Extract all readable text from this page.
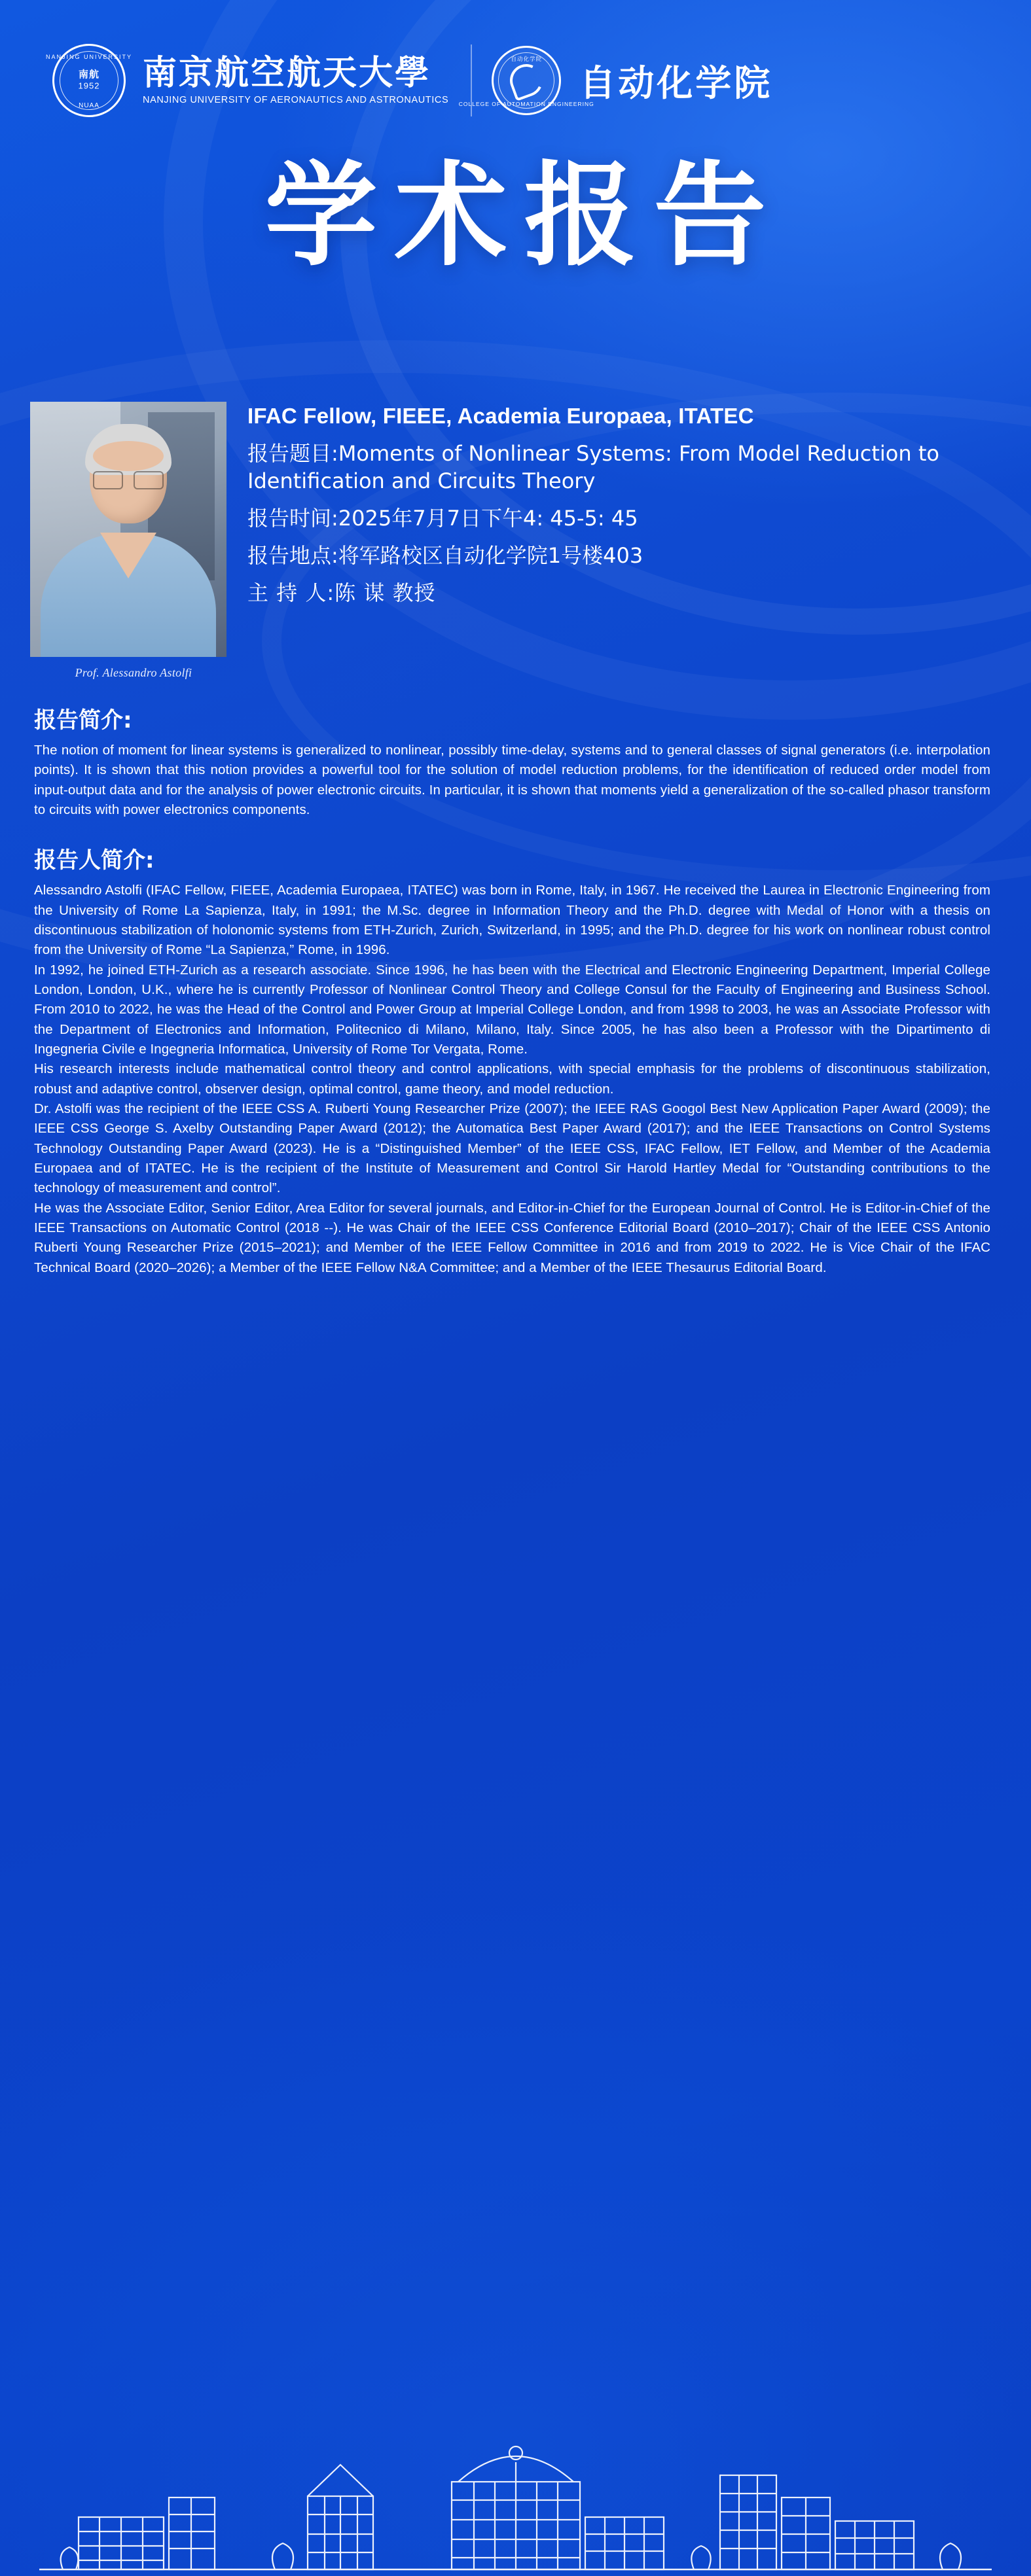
NANJING UNIVERSITY
南航
1952
NUAA
南京航空航天大學
NANJING UNIVERSITY OF AERONAUTICS AND ASTRONAUTICS
自动化学院
COLLEGE OF AUTOMATION ENGINEERING
自动化学院
学术报告
Prof. Alessandro Astolfi
IFAC Fellow, FIEEE, Academia Europaea, ITATEC
报告题目:Moments of Nonlinear Systems: From Model Reduction to Identification and Circuits Theory
报告时间:2025年7月7日下午4: 45-5: 45
报告地点:将军路校区自动化学院1号楼403
主 持 人:陈 谋 教授
报告简介:

The notion of moment for linear systems is generalized to nonlinear, possibly time-delay, systems and to general classes of signal generators (i.e. interpolation points). It is shown that this notion provides a powerful tool for the solution of model reduction problems, for the identification of reduced order model from input-output data and for the analysis of power electronic circuits. In particular, it is shown that moments yield a generalization of the so-called phasor transform to circuits with power electronics components.

报告人简介:

Alessandro Astolfi (IFAC Fellow, FIEEE, Academia Europaea, ITATEC) was born in Rome, Italy, in 1967. He received the Laurea in Electronic Engineering from the University of Rome La Sapienza, Italy, in 1991; the M.Sc. degree in Information Theory and the Ph.D. degree with Medal of Honor with a thesis on discontinuous stabilization of holonomic systems from ETH-Zurich, Zurich, Switzerland, in 1995; and the Ph.D. degree for his work on nonlinear robust control from the University of Rome “La Sapienza,” Rome, in 1996.

In 1992, he joined ETH-Zurich as a research associate. Since 1996, he has been with the Electrical and Electronic Engineering Department, Imperial College London, London, U.K., where he is currently Professor of Nonlinear Control Theory and College Consul for the Faculty of Engineering and Business School. From 2010 to 2022, he was the Head of the Control and Power Group at Imperial College London, and from 1998 to 2003, he was an Associate Professor with the Department of Electronics and Information, Politecnico di Milano, Milano, Italy. Since 2005, he has also been a Professor with the Dipartimento di Ingegneria Civile e Ingegneria Informatica, University of Rome Tor Vergata, Rome.

His research interests include mathematical control theory and control applications, with special emphasis for the problems of discontinuous stabilization, robust and adaptive control, observer design, optimal control, game theory, and model reduction.

Dr. Astolfi was the recipient of the IEEE CSS A. Ruberti Young Researcher Prize (2007); the IEEE RAS Googol Best New Application Paper Award (2009); the IEEE CSS George S. Axelby Outstanding Paper Award (2012); the Automatica Best Paper Award (2017); and the IEEE Transactions on Control Systems Technology Outstanding Paper Award (2023). He is a “Distinguished Member” of the IEEE CSS, IFAC Fellow, IET Fellow, and Member of the Academia Europaea and of ITATEC. He is the recipient of the Institute of Measurement and Control Sir Harold Hartley Medal for “Outstanding contributions to the technology of measurement and control”.

He was the Associate Editor, Senior Editor, Area Editor for several journals, and Editor-in-Chief for the European Journal of Control. He is Editor-in-Chief of the IEEE Transactions on Automatic Control (2018 --). He was Chair of the IEEE CSS Conference Editorial Board (2010–2017); Chair of the IEEE CSS Antonio Ruberti Young Researcher Prize (2015–2021); and Member of the IEEE Fellow Committee in 2016 and from 2019 to 2022. He is Vice Chair of the IFAC Technical Board (2020–2026); a Member of the IEEE Fellow N&A Committee; and a Member of the IEEE Thesaurus Editorial Board.
